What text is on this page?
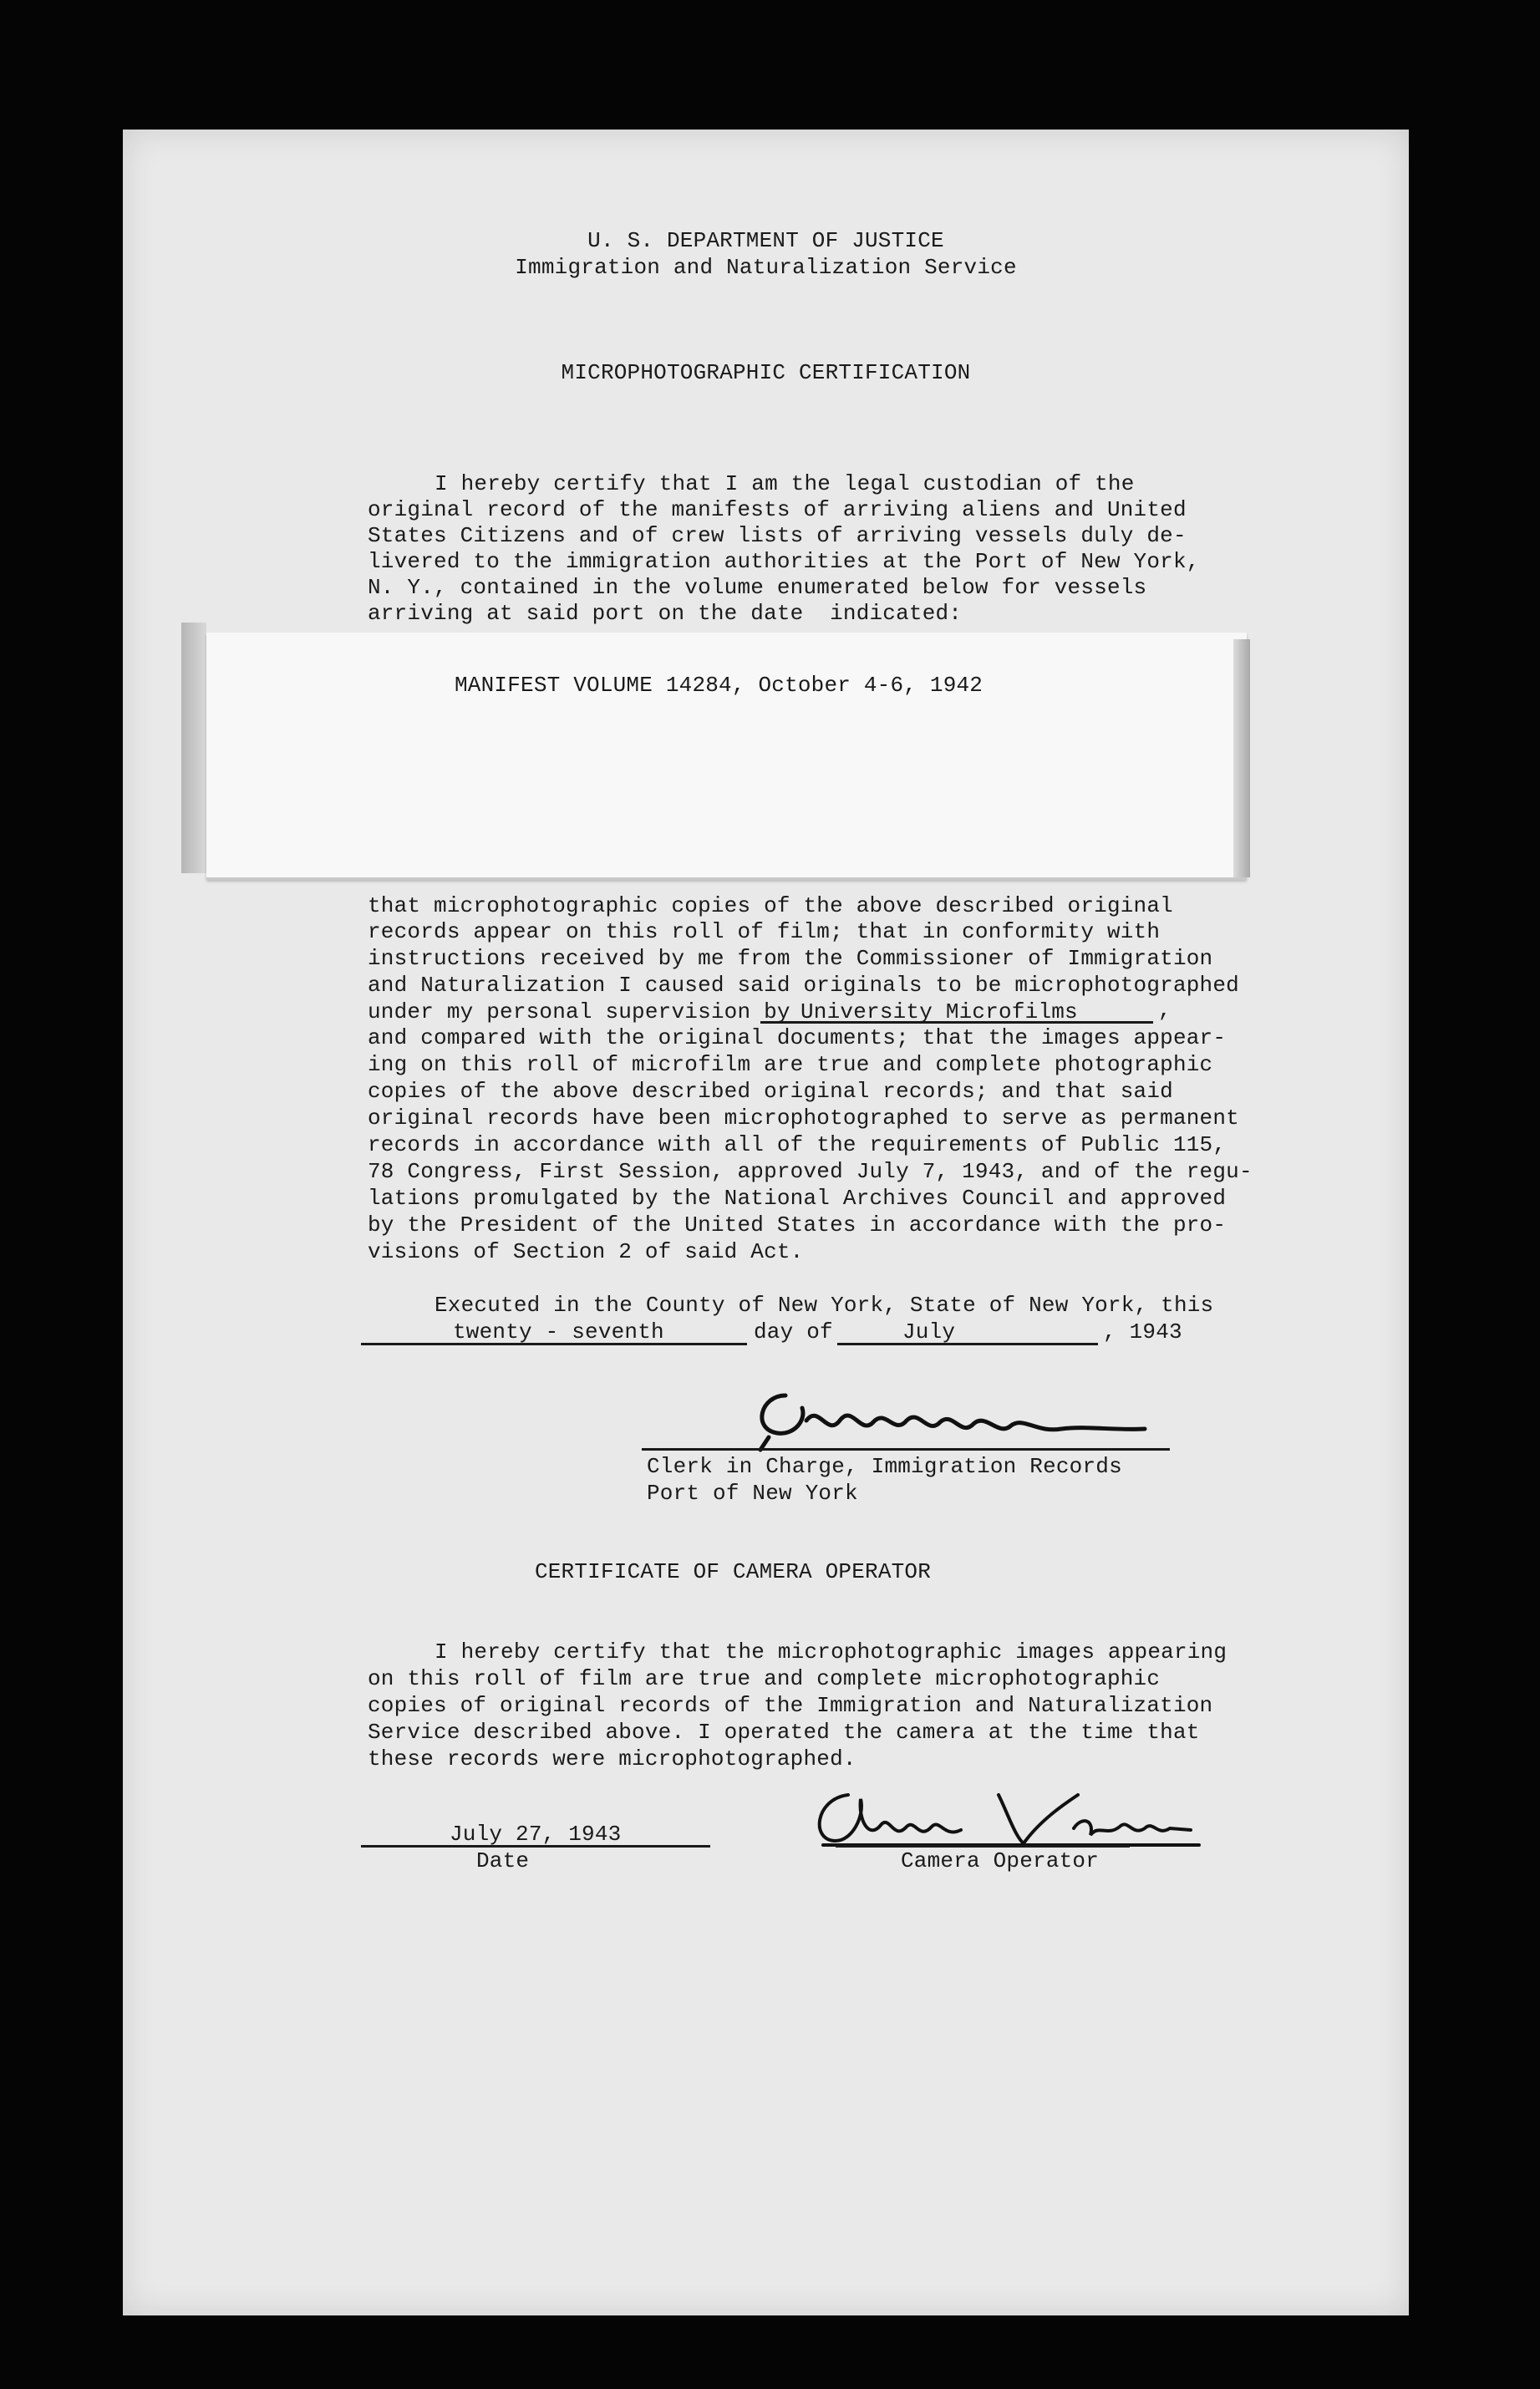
U. S. DEPARTMENT OF JUSTICE
Immigration and Naturalization Service
MICROPHOTOGRAPHIC CERTIFICATION
I hereby certify that I am the legal custodian of the
original record of the manifests of arriving aliens and United
States Citizens and of crew lists of arriving vessels duly de-
livered to the immigration authorities at the Port of New York,
N. Y., contained in the volume enumerated below for vessels
arriving at said port on the date  indicated:
MANIFEST VOLUME 14284, October 4-6, 1942
that microphotographic copies of the above described original
records appear on this roll of film; that in conformity with
instructions received by me from the Commissioner of Immigration
and Naturalization I caused said originals to be microphotographed
under my personal supervision by University Microfilms	,
and compared with the original documents; that the images appear-
ing on this roll of microfilm are true and complete photographic
copies of the above described original records; and that said
original records have been microphotographed to serve as permanent
records in accordance with all of the requirements of Public 115,
78 Congress, First Session, approved July 7, 1943, and of the regu-
lations promulgated by the National Archives Council and approved
by the President of the United States in accordance with the pro-
visions of Section 2 of said Act.
Executed in the County of New York, State of New York, this
twenty - seventh	day of	July	, 1943
Clerk in Charge, Immigration Records
Port of New York
CERTIFICATE OF CAMERA OPERATOR
I hereby certify that the microphotographic images appearing
on this roll of film are true and complete microphotographic
copies of original records of the Immigration and Naturalization
Service described above. I operated the camera at the time that
these records were microphotographed.
July 27, 1943
Date	Camera Operator
